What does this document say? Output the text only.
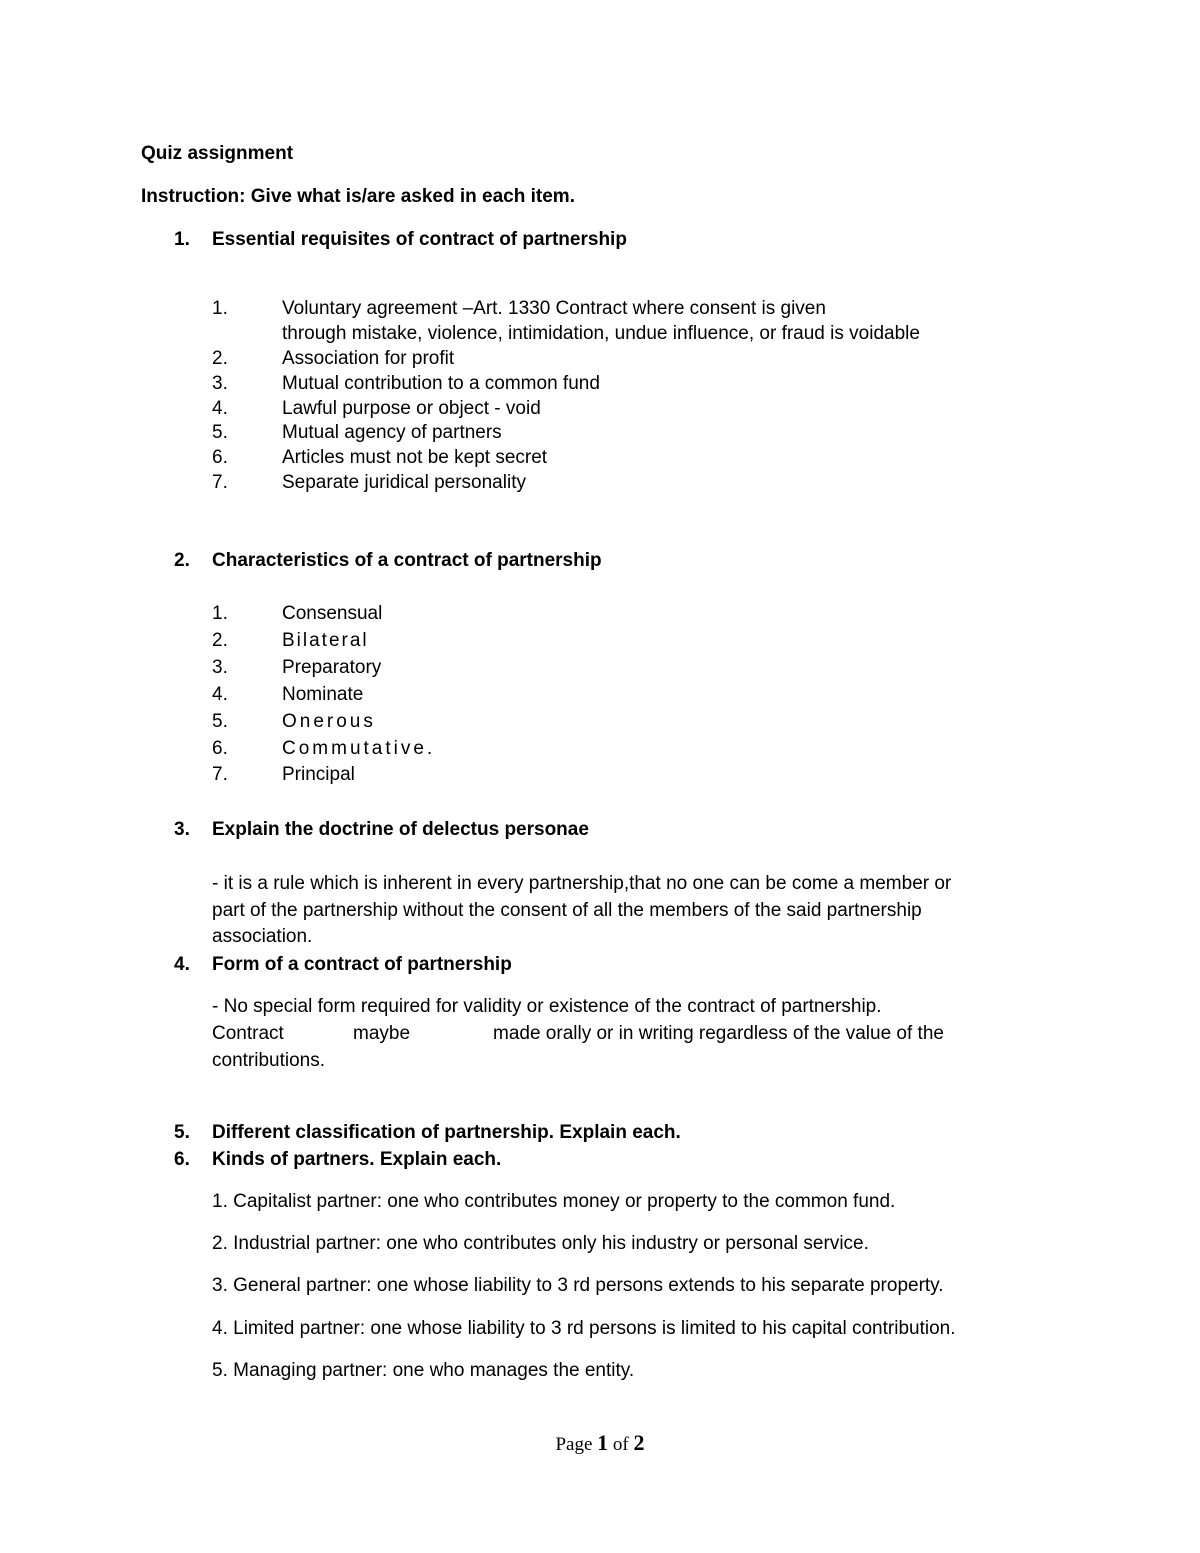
Quiz assignment
Instruction: Give what is/are asked in each item.
1. Essential requisites of contract of partnership
1.	Voluntary agreement –Art. 1330 Contract where consent is given
through mistake, violence, intimidation, undue influence, or fraud is voidable
2.	Association for profit
3.	Mutual contribution to a common fund
4.	Lawful purpose or object - void
5.	Mutual agency of partners
6.	Articles must not be kept secret
7.	Separate juridical personality
2. Characteristics of a contract of partnership
1.	Consensual
2.	Bilateral
3.	Preparatory
4.	Nominate
5.	Onerous
6.	Commutative.
7.	Principal
3. Explain the doctrine of delectus personae
- it is a rule which is inherent in every partnership,that no one can be come a member or
part of the partnership without the consent of all the members of the said partnership
association.
4. Form of a contract of partnership
- No special form required for validity or existence of the contract of partnership.
Contract	maybe	made orally or in writing regardless of the value of the
contributions.
5. Different classification of partnership. Explain each.
6. Kinds of partners. Explain each.
1. Capitalist partner: one who contributes money or property to the common fund.
2. Industrial partner: one who contributes only his industry or personal service.
3. General partner: one whose liability to 3 rd persons extends to his separate property.
4. Limited partner: one whose liability to 3 rd persons is limited to his capital contribution.
5. Managing partner: one who manages the entity.
Page 1 of 2
